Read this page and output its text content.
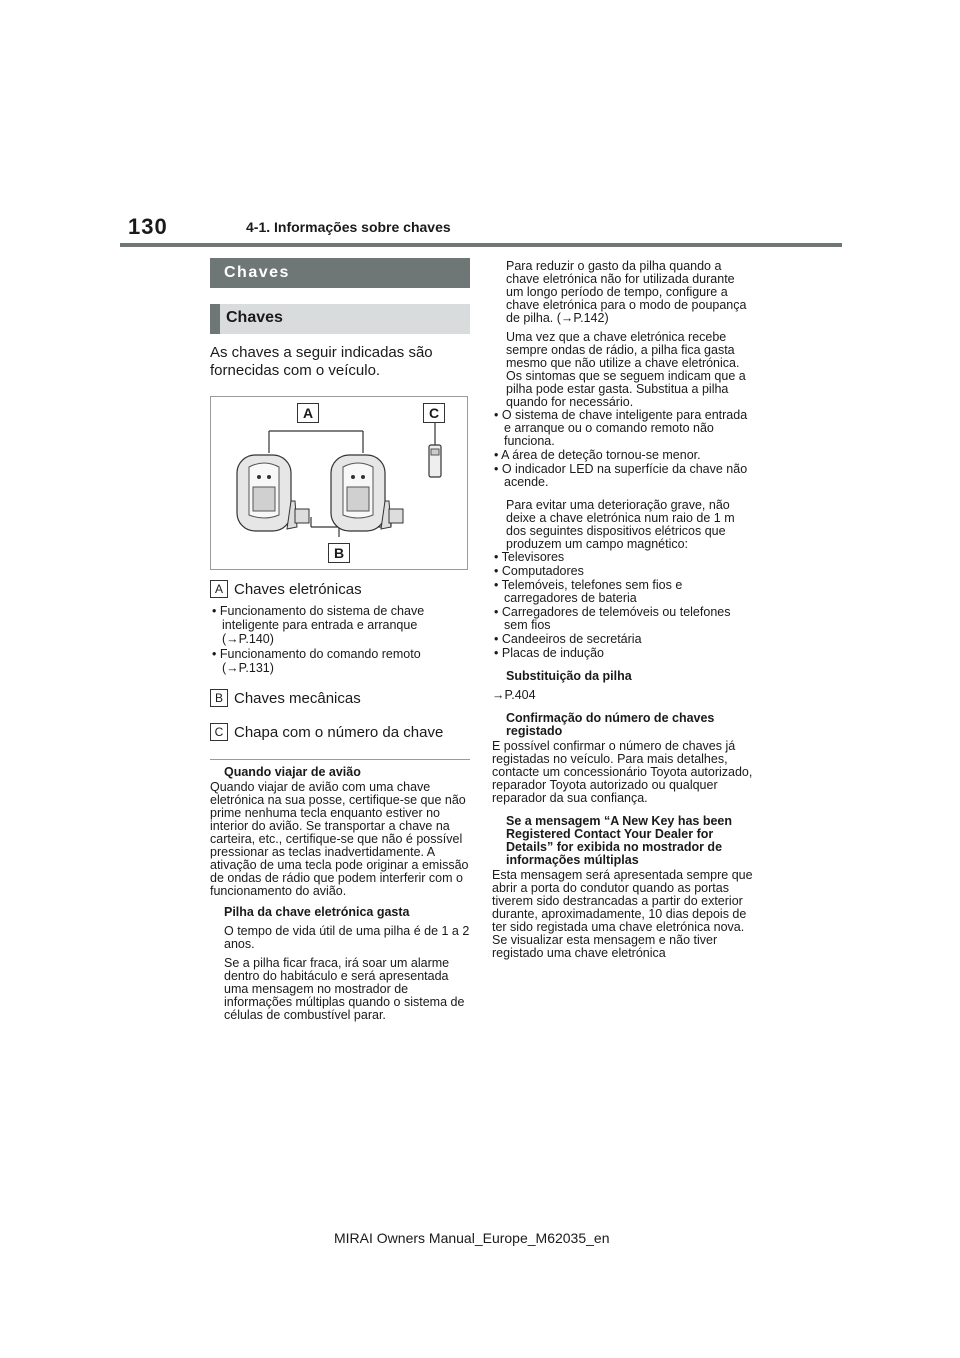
130	4-1. Informações sobre chaves
Chaves
Chaves
As chaves a seguir indicadas são fornecidas com o veículo.
A	C
B
A Chaves eletrónicas
• Funcionamento do sistema de chave inteligente para entrada e arranque (→P.140)
• Funcionamento do comando remoto (→P.131)
B Chaves mecânicas
C Chapa com o número da chave
Quando viajar de avião
Quando viajar de avião com uma chave eletrónica na sua posse, certifique-se que não prime nenhuma tecla enquanto estiver no interior do avião. Se transportar a chave na carteira, etc., certifique-se que não é possível pressionar as teclas inadvertidamente. A ativação de uma tecla pode originar a emissão de ondas de rádio que podem interferir com o funcionamento do avião.
Pilha da chave eletrónica gasta
O tempo de vida útil de uma pilha é de 1 a 2 anos.
Se a pilha ficar fraca, irá soar um alarme dentro do habitáculo e será apresentada uma mensagem no mostrador de informações múltiplas quando o sistema de células de combustível parar.
Para reduzir o gasto da pilha quando a chave eletrónica não for utilizada durante um longo período de tempo, configure a chave eletrónica para o modo de poupança de pilha. (→P.142)
Uma vez que a chave eletrónica recebe sempre ondas de rádio, a pilha fica gasta mesmo que não utilize a chave eletrónica. Os sintomas que se seguem indicam que a pilha pode estar gasta. Substitua a pilha quando for necessário.
• O sistema de chave inteligente para entrada e arranque ou o comando remoto não funciona.
• A área de deteção tornou-se menor.
• O indicador LED na superfície da chave não acende.
Para evitar uma deterioração grave, não deixe a chave eletrónica num raio de 1 m dos seguintes dispositivos elétricos que produzem um campo magnético:
• Televisores
• Computadores
• Telemóveis, telefones sem fios e carregadores de bateria
• Carregadores de telemóveis ou telefones sem fios
• Candeeiros de secretária
• Placas de indução
Substituição da pilha
→P.404
Confirmação do número de chaves registado
E possível confirmar o número de chaves já registadas no veículo. Para mais detalhes, contacte um concessionário Toyota autorizado, reparador Toyota autorizado ou qualquer reparador da sua confiança.
Se a mensagem “A New Key has been Registered Contact Your Dealer for Details” for exibida no mostrador de informações múltiplas
Esta mensagem será apresentada sempre que abrir a porta do condutor quando as portas tiverem sido destrancadas a partir do exterior durante, aproximadamente, 10 dias depois de ter sido registada uma chave eletrónica nova. Se visualizar esta mensagem e não tiver registado uma chave eletrónica
MIRAI Owners Manual_Europe_M62035_en
